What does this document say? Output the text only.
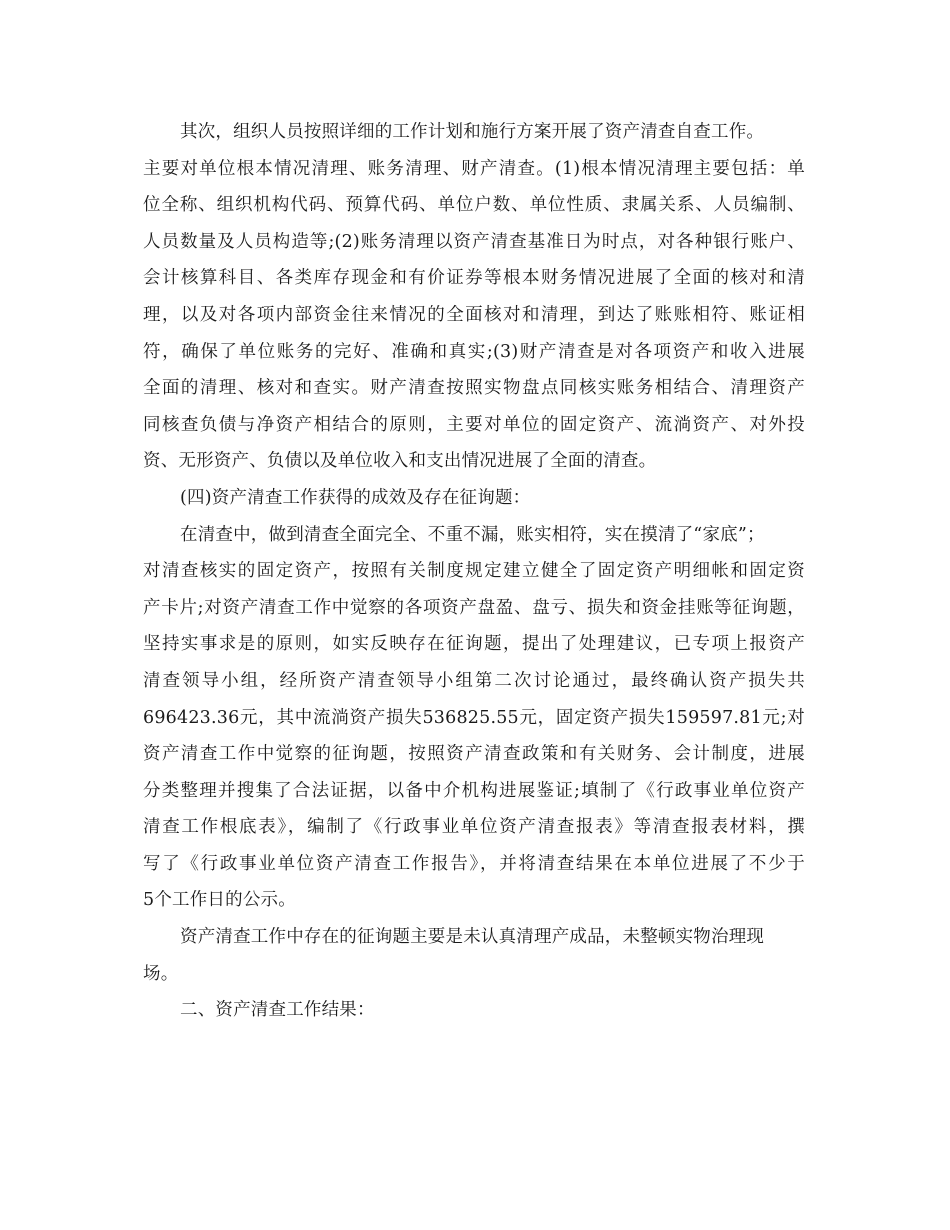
其次，组织人员按照详细的工作计划和施行方案开展了资产清查自查工作。
主要对单位根本情况清理、账务清理、财产清查。(1)根本情况清理主要包括：单
位全称、组织机构代码、预算代码、单位户数、单位性质、隶属关系、人员编制、
人员数量及人员构造等;(2)账务清理以资产清查基准日为时点，对各种银行账户、
会计核算科目、各类库存现金和有价证券等根本财务情况进展了全面的核对和清
理，以及对各项内部资金往来情况的全面核对和清理，到达了账账相符、账证相
符，确保了单位账务的完好、准确和真实;(3)财产清查是对各项资产和收入进展
全面的清理、核对和查实。财产清查按照实物盘点同核实账务相结合、清理资产
同核查负债与净资产相结合的原则，主要对单位的固定资产、流淌资产、对外投
资、无形资产、负债以及单位收入和支出情况进展了全面的清查。
(四)资产清查工作获得的成效及存在征询题：
在清查中，做到清查全面完全、不重不漏，账实相符，实在摸清了“家底”；
对清查核实的固定资产，按照有关制度规定建立健全了固定资产明细帐和固定资
产卡片;对资产清查工作中觉察的各项资产盘盈、盘亏、损失和资金挂账等征询题，
坚持实事求是的原则，如实反映存在征询题，提出了处理建议，已专项上报资产
清查领导小组，经所资产清查领导小组第二次讨论通过，最终确认资产损失共
696423.36元，其中流淌资产损失536825.55元，固定资产损失159597.81元;对
资产清查工作中觉察的征询题，按照资产清查政策和有关财务、会计制度，进展
分类整理并搜集了合法证据，以备中介机构进展鉴证;填制了《行政事业单位资产
清查工作根底表》，编制了《行政事业单位资产清查报表》等清查报表材料，撰
写了《行政事业单位资产清查工作报告》，并将清查结果在本单位进展了不少于
5个工作日的公示。
资产清查工作中存在的征询题主要是未认真清理产成品，未整顿实物治理现
场。
二、资产清查工作结果：
